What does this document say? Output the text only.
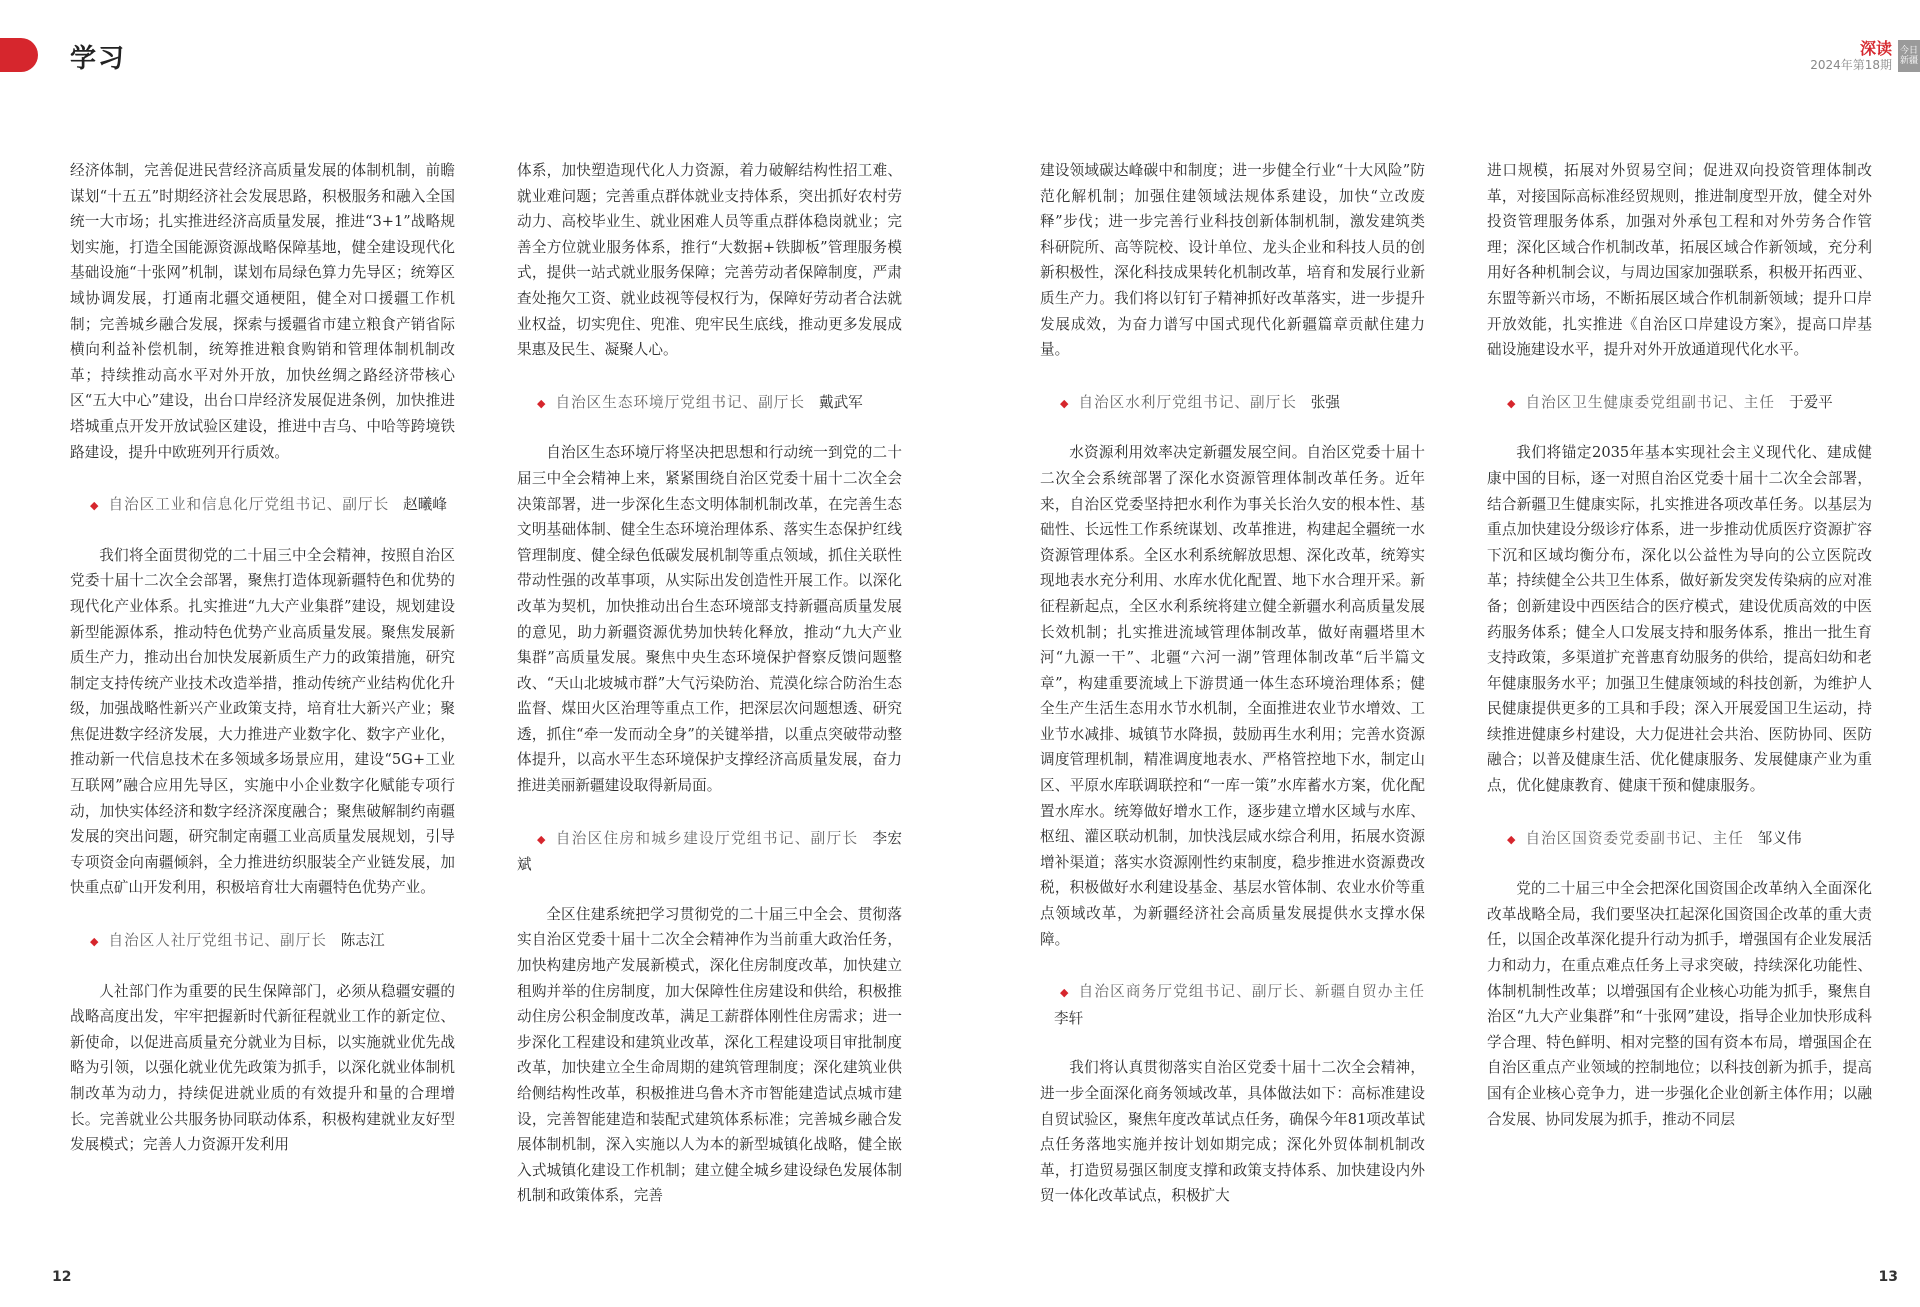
学习	深读
2024年第18期
今日
新疆

经济体制，完善促进民营经济高质量发展的体制机制，前瞻谋划“十五五”时期经济社会发展思路，积极服务和融入全国统一大市场；扎实推进经济高质量发展，推进“3+1”战略规划实施，打造全国能源资源战略保障基地，健全建设现代化基础设施“十张网”机制，谋划布局绿色算力先导区；统筹区域协调发展，打通南北疆交通梗阻，健全对口援疆工作机制；完善城乡融合发展，探索与援疆省市建立粮食产销省际横向利益补偿机制，统筹推进粮食购销和管理体制机制改革；持续推动高水平对外开放，加快丝绸之路经济带核心区“五大中心”建设，出台口岸经济发展促进条例，加快推进塔城重点开发开放试验区建设，推进中吉乌、中哈等跨境铁路建设，提升中欧班列开行质效。

◆ 自治区工业和信息化厅党组书记、副厅长 赵曦峰

我们将全面贯彻党的二十届三中全会精神，按照自治区党委十届十二次全会部署，聚焦打造体现新疆特色和优势的现代化产业体系。扎实推进“九大产业集群”建设，规划建设新型能源体系，推动特色优势产业高质量发展。聚焦发展新质生产力，推动出台加快发展新质生产力的政策措施，研究制定支持传统产业技术改造举措，推动传统产业结构优化升级，加强战略性新兴产业政策支持，培育壮大新兴产业；聚焦促进数字经济发展，大力推进产业数字化、数字产业化，推动新一代信息技术在多领域多场景应用，建设“5G+工业互联网”融合应用先导区，实施中小企业数字化赋能专项行动，加快实体经济和数字经济深度融合；聚焦破解制约南疆发展的突出问题，研究制定南疆工业高质量发展规划，引导专项资金向南疆倾斜，全力推进纺织服装全产业链发展，加快重点矿山开发利用，积极培育壮大南疆特色优势产业。

◆ 自治区人社厅党组书记、副厅长 陈志江

人社部门作为重要的民生保障部门，必须从稳疆安疆的战略高度出发，牢牢把握新时代新征程就业工作的新定位、新使命，以促进高质量充分就业为目标，以实施就业优先战略为引领，以强化就业优先政策为抓手，以深化就业体制机制改革为动力，持续促进就业质的有效提升和量的合理增长。完善就业公共服务协同联动体系，积极构建就业友好型发展模式；完善人力资源开发利用

体系，加快塑造现代化人力资源，着力破解结构性招工难、就业难问题；完善重点群体就业支持体系，突出抓好农村劳动力、高校毕业生、就业困难人员等重点群体稳岗就业；完善全方位就业服务体系，推行“大数据+铁脚板”管理服务模式，提供一站式就业服务保障；完善劳动者保障制度，严肃查处拖欠工资、就业歧视等侵权行为，保障好劳动者合法就业权益，切实兜住、兜准、兜牢民生底线，推动更多发展成果惠及民生、凝聚人心。

◆ 自治区生态环境厅党组书记、副厅长 戴武军

自治区生态环境厅将坚决把思想和行动统一到党的二十届三中全会精神上来，紧紧围绕自治区党委十届十二次全会决策部署，进一步深化生态文明体制机制改革，在完善生态文明基础体制、健全生态环境治理体系、落实生态保护红线管理制度、健全绿色低碳发展机制等重点领域，抓住关联性带动性强的改革事项，从实际出发创造性开展工作。以深化改革为契机，加快推动出台生态环境部支持新疆高质量发展的意见，助力新疆资源优势加快转化释放，推动“九大产业集群”高质量发展。聚焦中央生态环境保护督察反馈问题整改、“天山北坡城市群”大气污染防治、荒漠化综合防治生态监督、煤田火区治理等重点工作，把深层次问题想透、研究透，抓住“牵一发而动全身”的关键举措，以重点突破带动整体提升，以高水平生态环境保护支撑经济高质量发展，奋力推进美丽新疆建设取得新局面。

◆ 自治区住房和城乡建设厅党组书记、副厅长 李宏斌

全区住建系统把学习贯彻党的二十届三中全会、贯彻落实自治区党委十届十二次全会精神作为当前重大政治任务，加快构建房地产发展新模式，深化住房制度改革，加快建立租购并举的住房制度，加大保障性住房建设和供给，积极推动住房公积金制度改革，满足工薪群体刚性住房需求；进一步深化工程建设和建筑业改革，深化工程建设项目审批制度改革，加快建立全生命周期的建筑管理制度；深化建筑业供给侧结构性改革，积极推进乌鲁木齐市智能建造试点城市建设，完善智能建造和装配式建筑体系标准；完善城乡融合发展体制机制，深入实施以人为本的新型城镇化战略，健全嵌入式城镇化建设工作机制；建立健全城乡建设绿色发展体制机制和政策体系，完善

建设领域碳达峰碳中和制度；进一步健全行业“十大风险”防范化解机制；加强住建领域法规体系建设，加快“立改废释”步伐；进一步完善行业科技创新体制机制，激发建筑类科研院所、高等院校、设计单位、龙头企业和科技人员的创新积极性，深化科技成果转化机制改革，培育和发展行业新质生产力。我们将以钉钉子精神抓好改革落实，进一步提升发展成效，为奋力谱写中国式现代化新疆篇章贡献住建力量。

◆ 自治区水利厅党组书记、副厅长 张强

水资源利用效率决定新疆发展空间。自治区党委十届十二次全会系统部署了深化水资源管理体制改革任务。近年来，自治区党委坚持把水利作为事关长治久安的根本性、基础性、长远性工作系统谋划、改革推进，构建起全疆统一水资源管理体系。全区水利系统解放思想、深化改革，统筹实现地表水充分利用、水库水优化配置、地下水合理开采。新征程新起点，全区水利系统将建立健全新疆水利高质量发展长效机制；扎实推进流域管理体制改革，做好南疆塔里木河“九源一干”、北疆“六河一湖”管理体制改革“后半篇文章”，构建重要流域上下游贯通一体生态环境治理体系；健全生产生活生态用水节水机制，全面推进农业节水增效、工业节水减排、城镇节水降损，鼓励再生水利用；完善水资源调度管理机制，精准调度地表水、严格管控地下水，制定山区、平原水库联调联控和“一库一策”水库蓄水方案，优化配置水库水。统筹做好增水工作，逐步建立增水区域与水库、枢纽、灌区联动机制，加快浅层咸水综合利用，拓展水资源增补渠道；落实水资源刚性约束制度，稳步推进水资源费改税，积极做好水利建设基金、基层水管体制、农业水价等重点领域改革，为新疆经济社会高质量发展提供水支撑水保障。

◆ 自治区商务厅党组书记、副厅长、新疆自贸办主任李轩

我们将认真贯彻落实自治区党委十届十二次全会精神，进一步全面深化商务领域改革，具体做法如下：高标准建设自贸试验区，聚焦年度改革试点任务，确保今年81项改革试点任务落地实施并按计划如期完成；深化外贸体制机制改革，打造贸易强区制度支撑和政策支持体系、加快建设内外贸一体化改革试点，积极扩大

进口规模，拓展对外贸易空间；促进双向投资管理体制改革，对接国际高标准经贸规则，推进制度型开放，健全对外投资管理服务体系，加强对外承包工程和对外劳务合作管理；深化区域合作机制改革，拓展区域合作新领域，充分利用好各种机制会议，与周边国家加强联系，积极开拓西亚、东盟等新兴市场，不断拓展区域合作机制新领域；提升口岸开放效能，扎实推进《自治区口岸建设方案》，提高口岸基础设施建设水平，提升对外开放通道现代化水平。

◆ 自治区卫生健康委党组副书记、主任 于爱平

我们将锚定2035年基本实现社会主义现代化、建成健康中国的目标，逐一对照自治区党委十届十二次全会部署，结合新疆卫生健康实际，扎实推进各项改革任务。以基层为重点加快建设分级诊疗体系，进一步推动优质医疗资源扩容下沉和区域均衡分布，深化以公益性为导向的公立医院改革；持续健全公共卫生体系，做好新发突发传染病的应对准备；创新建设中西医结合的医疗模式，建设优质高效的中医药服务体系；健全人口发展支持和服务体系，推出一批生育支持政策，多渠道扩充普惠育幼服务的供给，提高妇幼和老年健康服务水平；加强卫生健康领域的科技创新，为维护人民健康提供更多的工具和手段；深入开展爱国卫生运动，持续推进健康乡村建设，大力促进社会共治、医防协同、医防融合；以普及健康生活、优化健康服务、发展健康产业为重点，优化健康教育、健康干预和健康服务。

◆ 自治区国资委党委副书记、主任 邹义伟

党的二十届三中全会把深化国资国企改革纳入全面深化改革战略全局，我们要坚决扛起深化国资国企改革的重大责任，以国企改革深化提升行动为抓手，增强国有企业发展活力和动力，在重点难点任务上寻求突破，持续深化功能性、体制机制性改革；以增强国有企业核心功能为抓手，聚焦自治区“九大产业集群”和“十张网”建设，指导企业加快形成科学合理、特色鲜明、相对完整的国有资本布局，增强国企在自治区重点产业领域的控制地位；以科技创新为抓手，提高国有企业核心竞争力，进一步强化企业创新主体作用；以融合发展、协同发展为抓手，推动不同层

12	13
